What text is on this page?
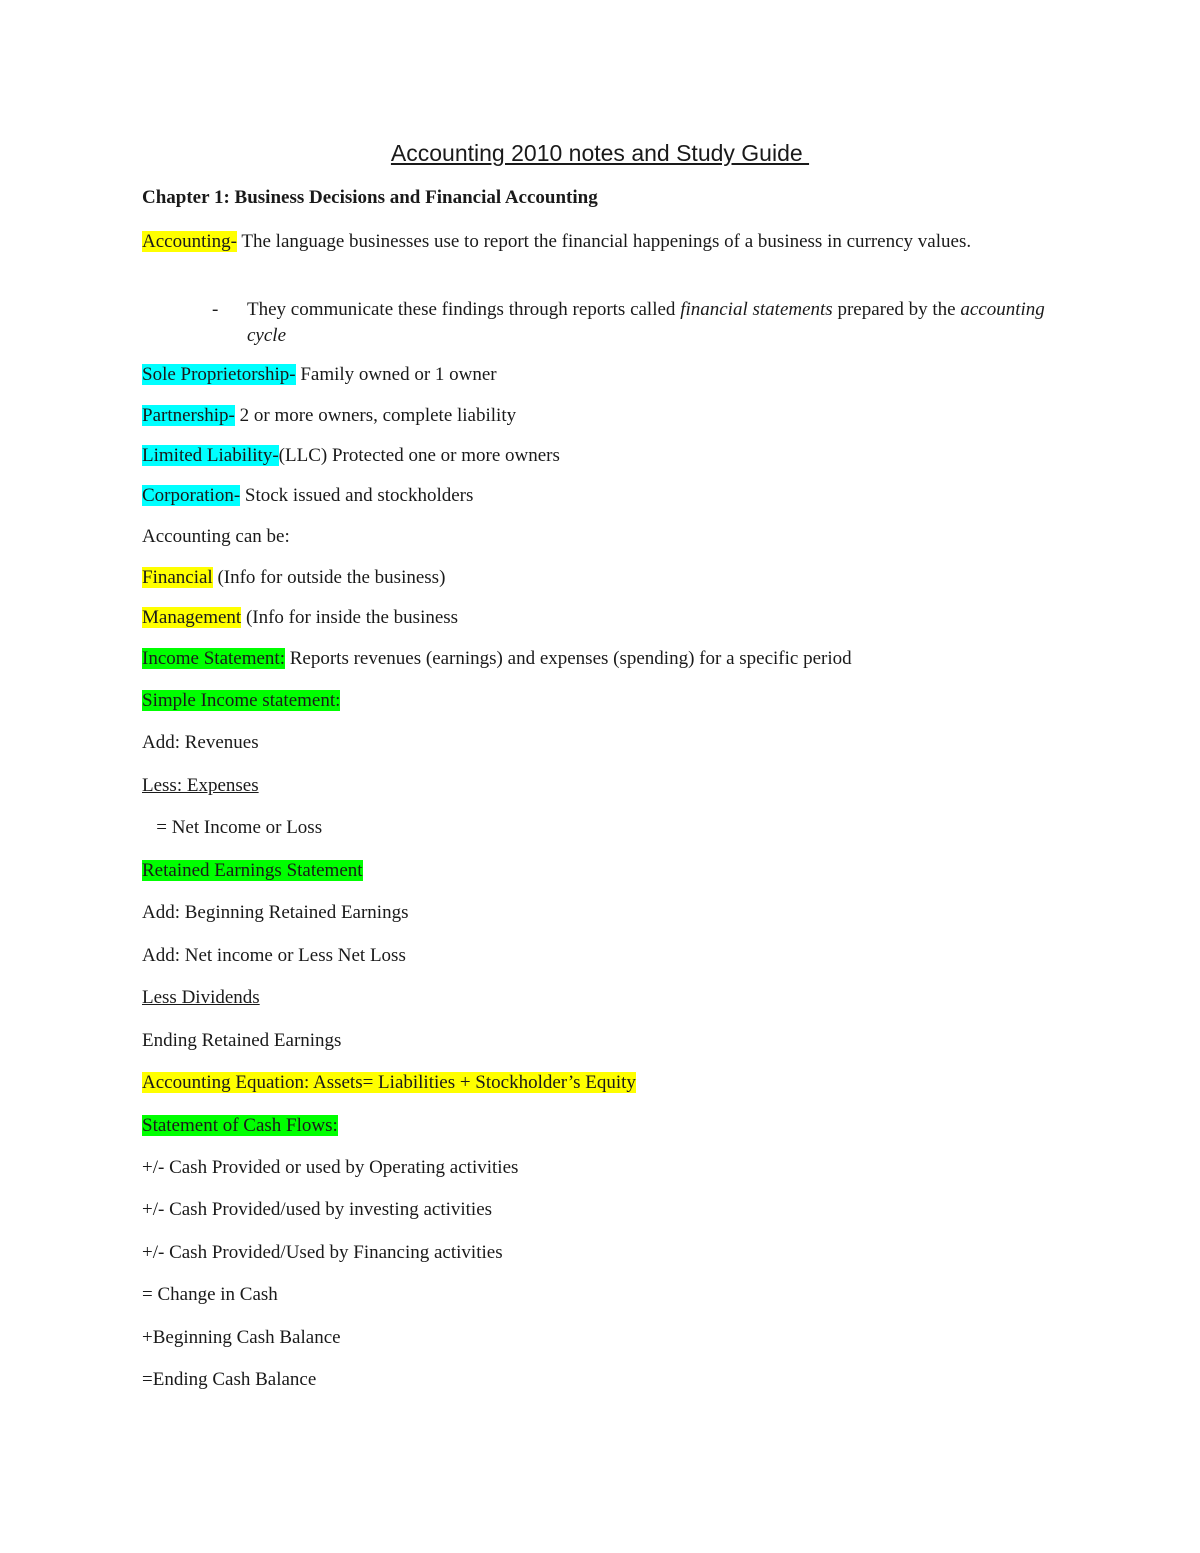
Accounting 2010 notes and Study Guide

Chapter 1: Business Decisions and Financial Accounting

Accounting- The language businesses use to report the financial happenings of a business in currency values.

- They communicate these findings through reports called financial statements prepared by the accounting cycle

Sole Proprietorship- Family owned or 1 owner

Partnership- 2 or more owners, complete liability

Limited Liability-(LLC) Protected one or more owners

Corporation- Stock issued and stockholders

Accounting can be:

Financial (Info for outside the business)

Management (Info for inside the business

Income Statement: Reports revenues (earnings) and expenses (spending) for a specific period

Simple Income statement:

Add: Revenues

Less: Expenses

= Net Income or Loss

Retained Earnings Statement

Add: Beginning Retained Earnings

Add: Net income or Less Net Loss

Less Dividends

Ending Retained Earnings

Accounting Equation: Assets= Liabilities + Stockholder’s Equity

Statement of Cash Flows:

+/- Cash Provided or used by Operating activities

+/- Cash Provided/used by investing activities

+/- Cash Provided/Used by Financing activities

= Change in Cash

+Beginning Cash Balance

=Ending Cash Balance
